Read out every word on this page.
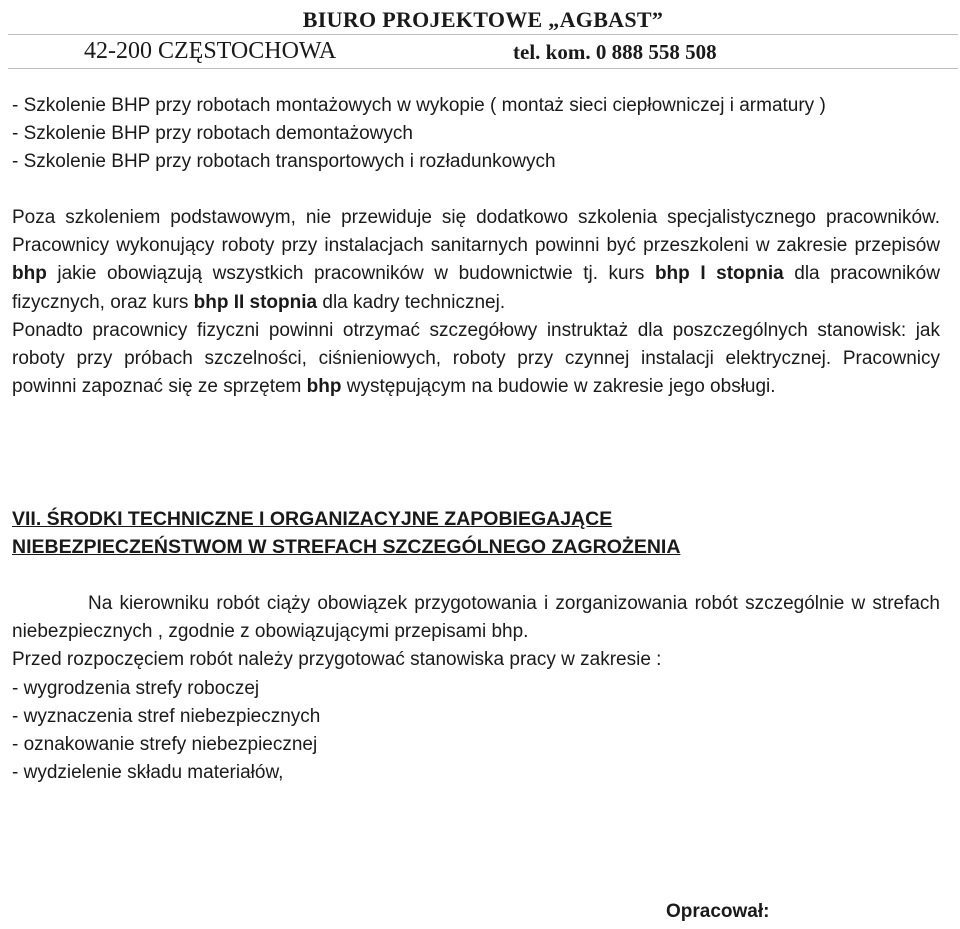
BIURO PROJEKTOWE „AGBAST”
42-200 CZĘSTOCHOWA	tel. kom. 0 888 558 508
- Szkolenie BHP przy robotach montażowych w wykopie ( montaż sieci ciepłowniczej i armatury )
- Szkolenie BHP przy robotach demontażowych
- Szkolenie BHP przy robotach transportowych i rozładunkowych
Poza szkoleniem podstawowym, nie przewiduje się dodatkowo szkolenia specjalistycznego pracowników. Pracownicy wykonujący roboty przy instalacjach sanitarnych powinni być przeszkoleni w zakresie przepisów bhp jakie obowiązują wszystkich pracowników w budownictwie tj. kurs bhp I stopnia dla pracowników fizycznych, oraz kurs bhp II stopnia dla kadry technicznej.
Ponadto pracownicy fizyczni powinni otrzymać szczegółowy instruktaż dla poszczególnych stanowisk: jak roboty przy próbach szczelności, ciśnieniowych, roboty przy czynnej instalacji elektrycznej. Pracownicy powinni zapoznać się ze sprzętem bhp występującym na budowie w zakresie jego obsługi.
VII. ŚRODKI TECHNICZNE I ORGANIZACYJNE ZAPOBIEGAJĄCE
NIEBEZPIECZEŃSTWOM W STREFACH SZCZEGÓLNEGO ZAGROŻENIA
Na kierowniku robót ciąży obowiązek przygotowania i zorganizowania robót szczególnie w strefach niebezpiecznych , zgodnie z obowiązującymi przepisami bhp.
Przed rozpoczęciem robót należy przygotować stanowiska pracy w zakresie :
- wygrodzenia strefy roboczej
- wyznaczenia stref niebezpiecznych
- oznakowanie strefy niebezpiecznej
- wydzielenie składu materiałów,
Opracował:
